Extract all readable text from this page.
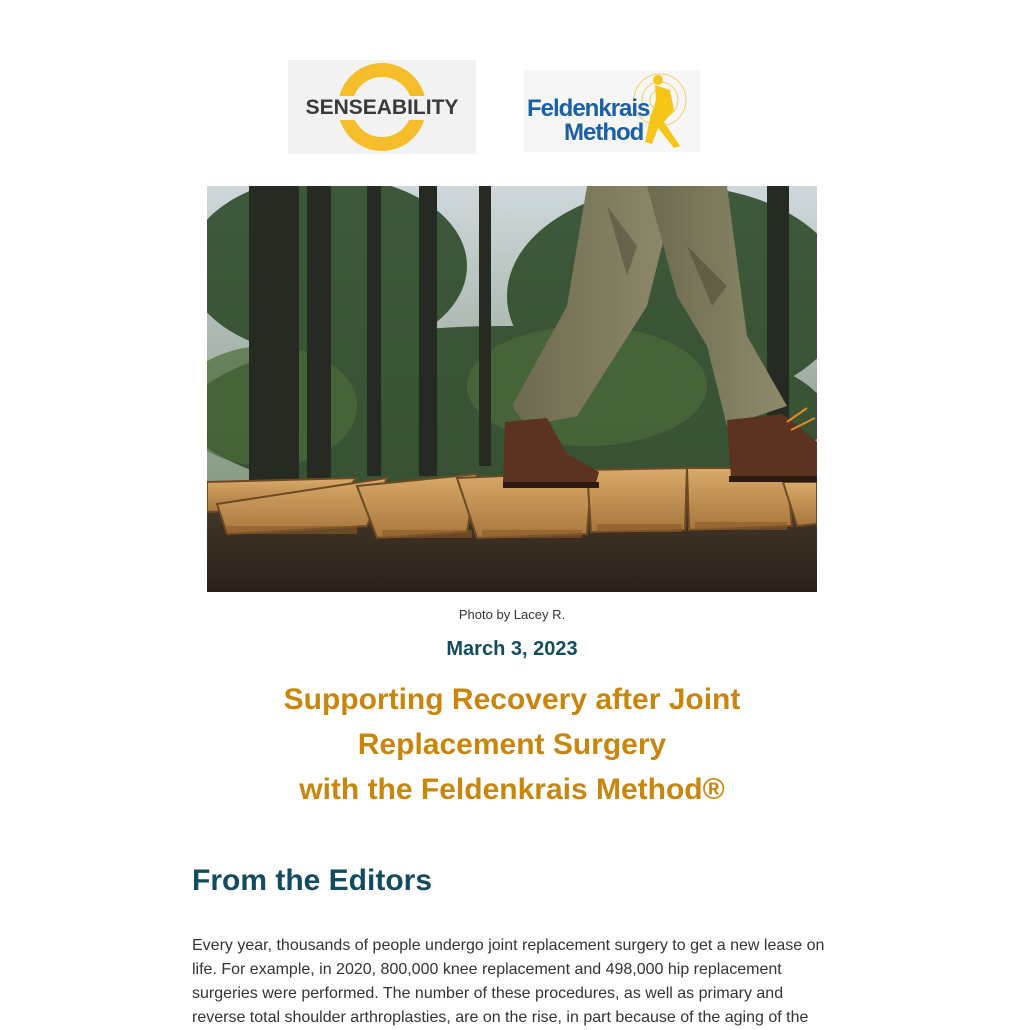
SENSEABILITY	Feldenkrais
Method

Photo by Lacey R.

March 3, 2023

Supporting Recovery after Joint
Replacement Surgery
with the Feldenkrais Method®
From the Editors

Every year, thousands of people undergo joint replacement surgery to get a new lease on life. For example, in 2020, 800,000 knee replacement and 498,000 hip replacement surgeries were performed. The number of these procedures, as well as primary and reverse total shoulder arthroplasties, are on the rise, in part because of the aging of the
